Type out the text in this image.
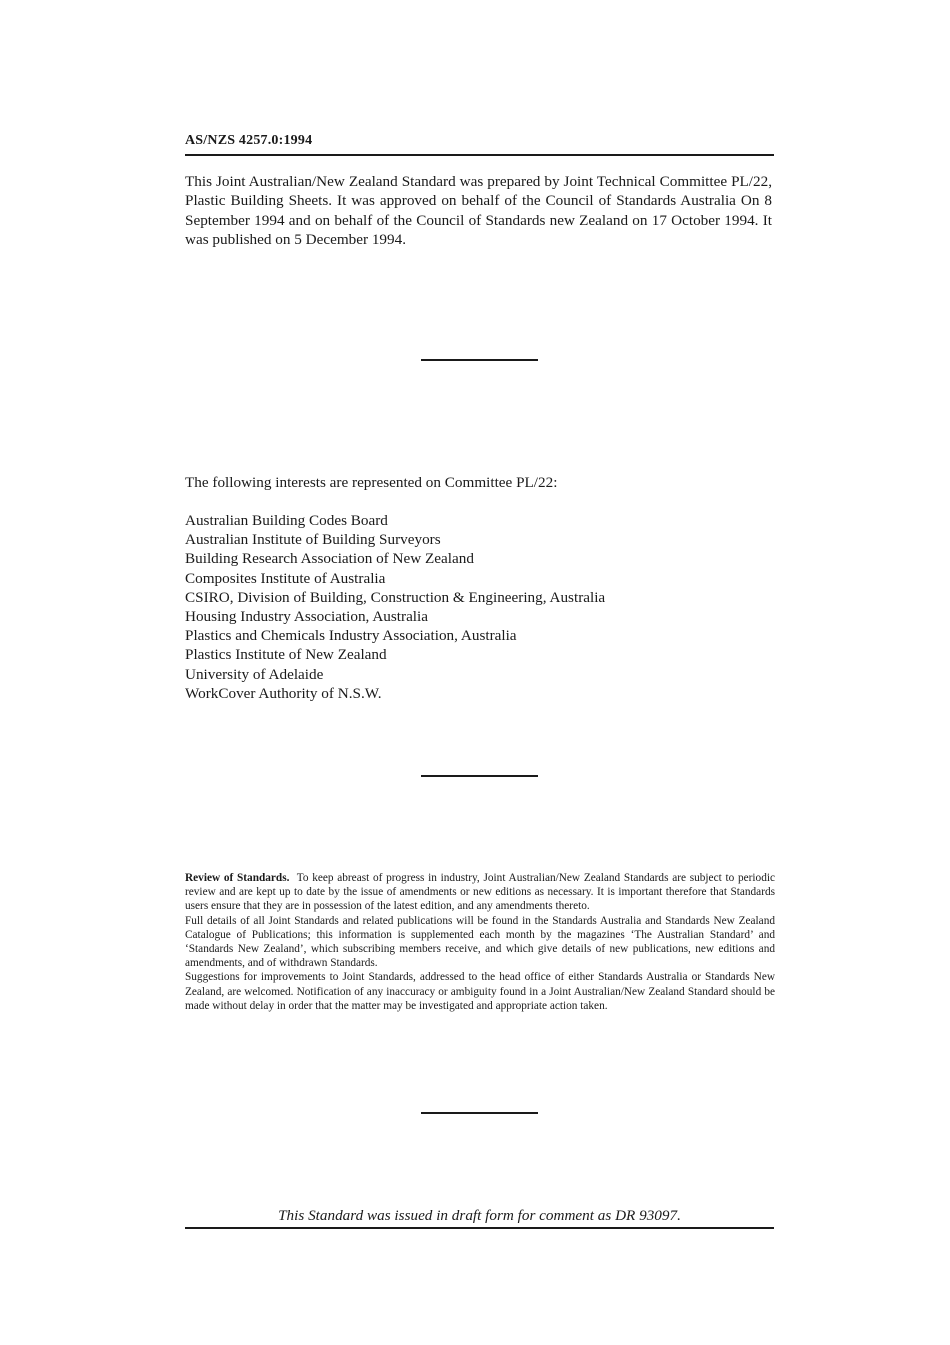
AS/NZS 4257.0:1994

This Joint Australian/New Zealand Standard was prepared by Joint Technical Committee PL/22, Plastic Building Sheets. It was approved on behalf of the Council of Standards Australia On 8 September 1994 and on behalf of the Council of Standards new Zealand on 17 October 1994. It was published on 5 December 1994.

The following interests are represented on Committee PL/22:

Australian Building Codes Board
Australian Institute of Building Surveyors
Building Research Association of New Zealand
Composites Institute of Australia
CSIRO, Division of Building, Construction & Engineering, Australia
Housing Industry Association, Australia
Plastics and Chemicals Industry Association, Australia
Plastics Institute of New Zealand
University of Adelaide
WorkCover Authority of N.S.W.

Review of Standards. To keep abreast of progress in industry, Joint Australian/New Zealand Standards are subject to periodic review and are kept up to date by the issue of amendments or new editions as necessary. It is important therefore that Standards users ensure that they are in possession of the latest edition, and any amendments thereto.

Full details of all Joint Standards and related publications will be found in the Standards Australia and Standards New Zealand Catalogue of Publications; this information is supplemented each month by the magazines ‘The Australian Standard’ and ‘Standards New Zealand’, which subscribing members receive, and which give details of new publications, new editions and amendments, and of withdrawn Standards.

Suggestions for improvements to Joint Standards, addressed to the head office of either Standards Australia or Standards New Zealand, are welcomed. Notification of any inaccuracy or ambiguity found in a Joint Australian/New Zealand Standard should be made without delay in order that the matter may be investigated and appropriate action taken.

This Standard was issued in draft form for comment as DR 93097.
